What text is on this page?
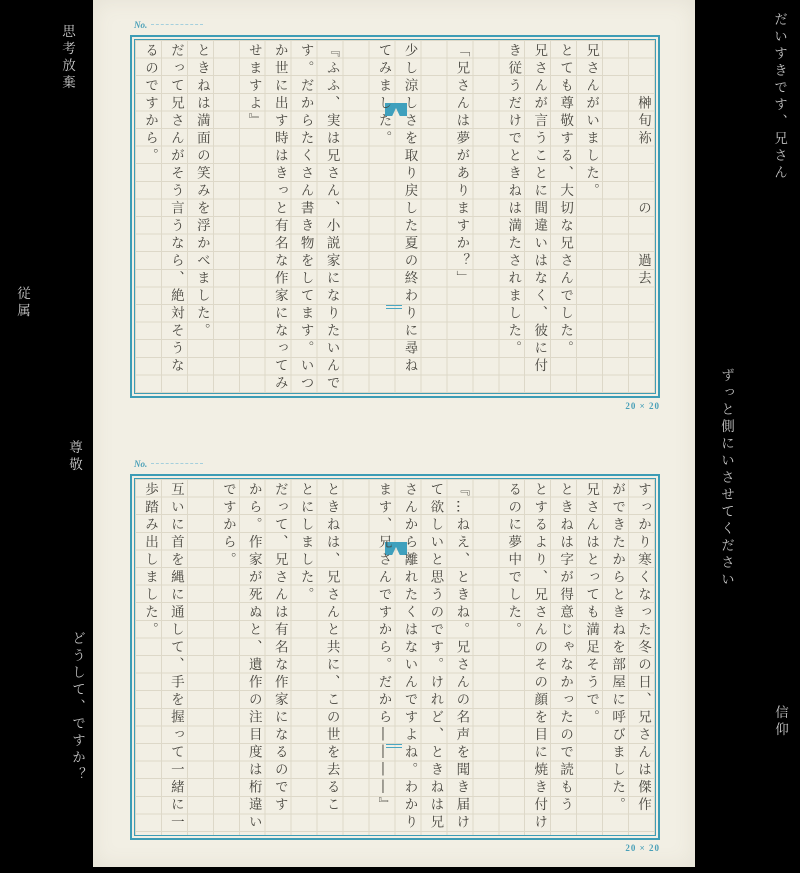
だいすきです、兄さん
ずっと側にいさせてください
信仰
従属
思考放棄
尊敬
どうして、ですか？
No.
　　　榊旬袮　　　の　　過去
兄さんがいました。
とても尊敬する、大切な兄さんでした。
兄さんが言うことに間違いはなく、彼に付
き従うだけでときねは満たされました。
「兄さんは夢がありますか？」
少し涼しさを取り戻した夏の終わりに尋ね
てみました。
『ふふ、実は兄さん、小説家になりたいんで
す。だからたくさん書き物をしてます。いつ
か世に出す時はきっと有名な作家になってみ
せますよ』
ときねは満面の笑みを浮かべました。
だって兄さんがそう言うなら、絶対そうな
るのですから。
20 × 20
No.
すっかり寒くなった冬の日、兄さんは傑作
ができたからときねを部屋に呼びました。
兄さんはとっても満足そうで。
ときねは字が得意じゃなかったので読もう
とするより、兄さんのその顔を目に焼き付け
るのに夢中でした。
『…ねえ、ときね。兄さんの名声を聞き届け
て欲しいと思うのです。けれど、ときねは兄
さんから離れたくはないんですよね。わかり
ます、兄さんですから。だから――――』
ときねは、兄さんと共に、この世を去るこ
とにしました。
だって、兄さんは有名な作家になるのです
から。作家が死ぬと、遺作の注目度は桁違い
ですから。
互いに首を縄に通して、手を握って一緒に一
歩踏み出しました。
20 × 20
